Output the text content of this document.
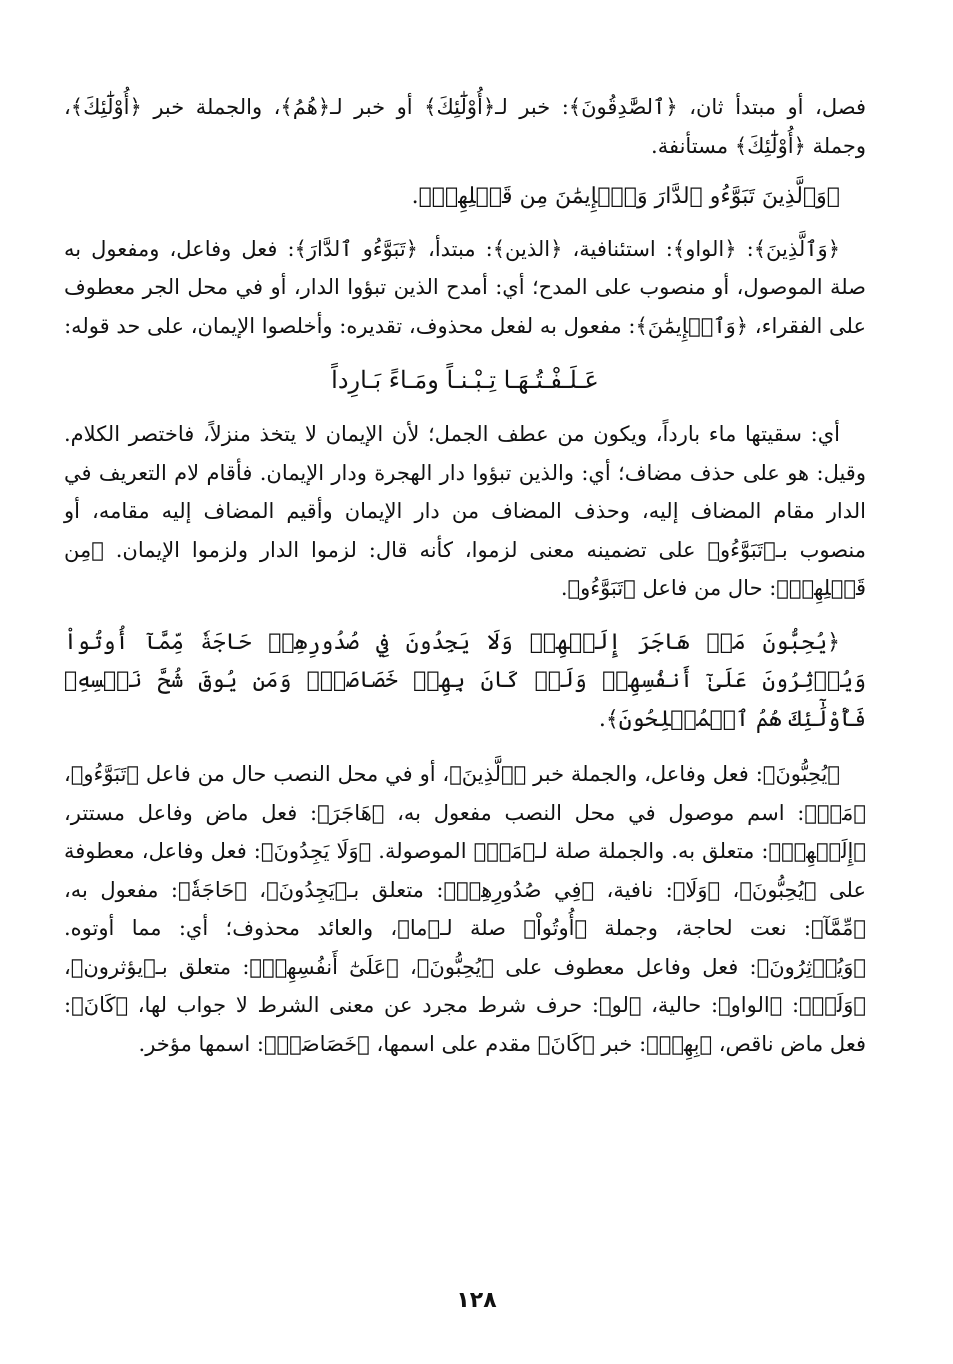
فصل، أو مبتدأ ثان، ﴿ٱلصَّٰدِقُونَ﴾: خبر لـ﴿أُوْلَٰٓئِكَ﴾ أو خبر لـ﴿هُمُ﴾، والجملة خبر ﴿أُوْلَٰٓئِكَ﴾، وجملة ﴿أُوْلَٰٓئِكَ﴾ مستأنفة.

﴿وَٱلَّذِينَ تَبَوَّءُو ٱلدَّارَ وَٱلۡإِيمَٰنَ مِن قَبۡلِهِمۡ﴾.

﴿وَٱلَّذِينَ﴾: ﴿الواو﴾: استئنافية، ﴿الذين﴾: مبتدأ، ﴿تَبَوَّءُو ٱلدَّارَ﴾: فعل وفاعل، ومفعول به صلة الموصول، أو منصوب على المدح؛ أي: أمدح الذين تبؤوا الدار، أو في محل الجر معطوف على الفقراء، ﴿وَٱلۡإِيمَٰنَ﴾: مفعول به لفعل محذوف، تقديره: وأخلصوا الإيمان، على حد قوله:

عَـلَـفْـتُـهَـا تِـبْـنـاً ومَـاءً بَـارِداً

أي: سقيتها ماء بارداً، ويكون من عطف الجمل؛ لأن الإيمان لا يتخذ منزلاً، فاختصر الكلام. وقيل: هو على حذف مضاف؛ أي: والذين تبؤوا دار الهجرة ودار الإيمان. فأقام لام التعريف في الدار مقام المضاف إليه، وحذف المضاف من دار الإيمان وأقيم المضاف إليه مقامه، أو منصوب بـ﴿تَبَوَّءُو﴾ على تضمينه معنى لزموا، كأنه قال: لزموا الدار ولزموا الإيمان. ﴿مِن قَبۡلِهِمۡ﴾: حال من فاعل ﴿تَبَوَّءُو﴾.

﴿يُحِبُّونَ مَنۡ هَاجَرَ إِلَيۡهِمۡ وَلَا يَجِدُونَ فِي صُدُورِهِمۡ حَاجَةٗ مِّمَّآ أُوتُواْ وَيُؤۡثِرُونَ عَلَىٰٓ أَنفُسِهِمۡ وَلَوۡ كَانَ بِهِمۡ خَصَاصَةٞۚ وَمَن يُوقَ شُحَّ نَفۡسِهِۦ فَأُوْلَٰٓئِكَ هُمُ ٱلۡمُفۡلِحُونَ﴾.

﴿يُحِبُّونَ﴾: فعل وفاعل، والجملة خبر ﴿ٱلَّذِينَ﴾، أو في محل النصب حال من فاعل ﴿تَبَوَّءُو﴾، ﴿مَنۡ﴾: اسم موصول في محل النصب مفعول به، ﴿هَاجَرَ﴾: فعل ماض وفاعل مستتر، ﴿إِلَيۡهِمۡ﴾: متعلق به. والجملة صلة لـ﴿مَنۡ﴾ الموصولة. ﴿وَلَا يَجِدُونَ﴾: فعل وفاعل، معطوفة على ﴿يُحِبُّونَ﴾، ﴿وَلَا﴾: نافية، ﴿فِي صُدُورِهِمۡ﴾: متعلق بـ﴿يَجِدُونَ﴾، ﴿حَاجَةٗ﴾: مفعول به، ﴿مِّمَّآ﴾: نعت لحاجة، وجملة ﴿أُوتُواْ﴾ صلة لـ﴿ما﴾، والعائد محذوف؛ أي: مما أوتوه. ﴿وَيُؤۡثِرُونَ﴾: فعل وفاعل معطوف على ﴿يُحِبُّونَ﴾، ﴿عَلَىٰٓ أَنفُسِهِمۡ﴾: متعلق بـ﴿يؤثرون﴾، ﴿وَلَوۡ﴾: ﴿الواو﴾: حالية، ﴿لو﴾: حرف شرط مجرد عن معنى الشرط لا جواب لها، ﴿كَانَ﴾: فعل ماض ناقص، ﴿بِهِمۡ﴾: خبر ﴿كَانَ﴾ مقدم على اسمها، ﴿خَصَاصَةٞ﴾: اسمها مؤخر.

١٢٨
